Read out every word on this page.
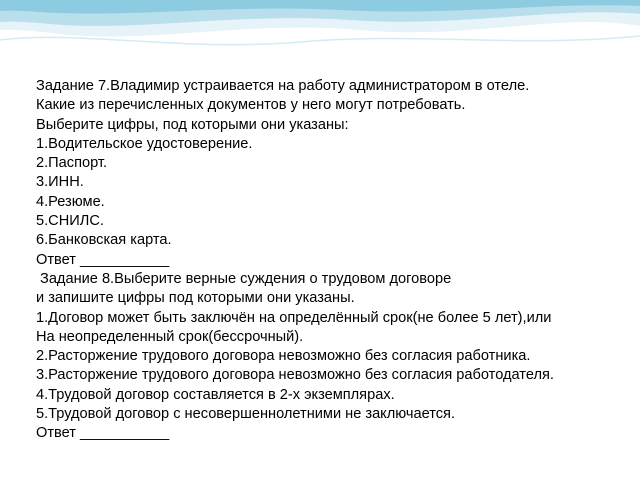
Задание 7.Владимир устраивается на работу администратором в отеле.
Какие из перечисленных документов у него могут потребовать.
Выберите цифры, под которыми они указаны:
1.Водительское удостоверение.
2.Паспорт.
3.ИНН.
4.Резюме.
5.СНИЛС.
6.Банковская карта.
Ответ ___________
Задание 8.Выберите верные суждения о трудовом договоре
и запишите цифры под которыми они указаны.
1.Договор может быть заключён на определённый срок(не более 5 лет),или
На неопределенный срок(бессрочный).
2.Расторжение трудового договора невозможно без согласия работника.
3.Расторжение трудового договора невозможно без согласия работодателя.
4.Трудовой договор составляется в 2-х экземплярах.
5.Трудовой договор с несовершеннолетними не заключается.
Ответ ___________
